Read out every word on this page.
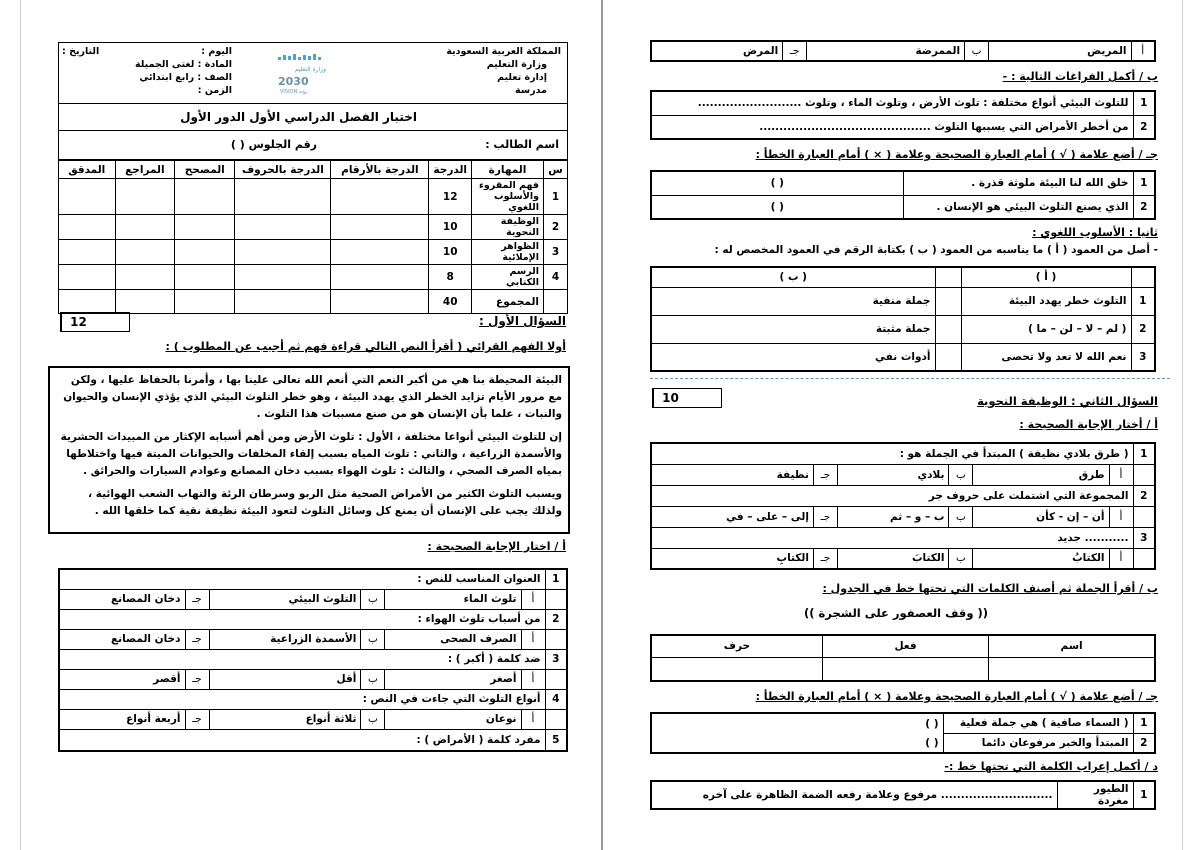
المملكة العربية السعودية
وزارة التعليم
إدارة تعليم
مدرسة
وزارة التعليم
2030
VISION رؤية
اليوم :
التاريخ :
المادة : لغتى الجميلة
الصف : رابع ابتدائي
الزمن :
اختبار الفصل الدراسي الأول الدور الأول
اسم الطالب :
رقم الجلوس ( )
س	المهارة	الدرجة	الدرجة بالأرقام	الدرجة بالحروف	المصحح	المراجع	المدقق
1	فهم المقروء والأسلوب اللغوي	12					
2	الوظيفة النحوية	10					
3	الظواهر الإملائية	10					
4	الرسم الكتابي	8					
	المجموع	40					
السؤال الأول :
12
أولا الفهم القرائي ( أقرأ النص التالي قراءة فهم ثم أجيب عن المطلوب ) :

البيئة المحيطة بنا هي من أكبر النعم التي أنعم الله تعالى علينا بها ، وأمرنا بالحفاظ عليها ، ولكن مع مرور الأيام تزايد الخطر الذي يهدد البيئة ، وهو خطر التلوث البيئي الذي يؤذي الإنسان والحيوان والنبات ، علما بأن الإنسان هو من صنع مسببات هذا التلوث .

إن للتلوث البيئي أنواعا مختلفة ، الأول : تلوث الأرض ومن أهم أسبابه الإكثار من المبيدات الحشرية والأسمدة الزراعية ، والثاني : تلوث المياه بسبب إلقاء المخلفات والحيوانات الميتة فيها واختلاطها بمياه الصرف الصحي ، والثالث : تلوث الهواء بسبب دخان المصانع وعوادم السيارات والحرائق .

ويسبب التلوث الكثير من الأمراض الصحية مثل الربو وسرطان الرئة والتهاب الشعب الهوائية ، ولذلك يجب على الإنسان أن يمنع كل وسائل التلوث لتعود البيئة نظيفة نقية كما خلقها الله .

أ / اختار الإجابة الصحيحة :
1	العنوان المناسب للنص :					
	أ	تلوث الماء	ب	التلوث البيئي	جـ	دخان المصانع
2	من أسباب تلوث الهواء :					
	أ	الصرف الصحى	ب	الأسمدة الزراعية	جـ	دخان المصانع
3	ضد كلمة ( أكبر ) :					
	أ	أصغر	ب	أقل	جـ	أقصر
4	أنواع التلوث التي جاءت في النص :					
	أ	نوعان	ب	ثلاثة أنواع	جـ	أربعة أنواع
5	مفرد كلمة ( الأمراض ) :					
أ	المريض	ب	الممرضة	جـ	المرض
ب / أكمل الفراغات التالية : -
1	للتلوث البيئي أنواع مختلفة : تلوث الأرض ، وتلوث الماء ، وتلوث ..........................
2	من أخطر الأمراض التي يسببها التلوث ...........................................
جـ / أضع علامة ( √ ) أمام العبارة الصحيحة وعلامة ( × ) أمام العبارة الخطأ :
1	خلق الله لنا البيئة ملوثة قذرة .	( )
2	الذي يصنع التلوث البيئي هو الإنسان .	( )
ثانيا : الأسلوب اللغوي :
- أصل من العمود ( أ ) ما يناسبه من العمود ( ب ) بكتابة الرقم في العمود المخصص له :
	( أ )		( ب )
1	التلوث خطر يهدد البيئة		جملة منفية
2	( لم – لا – لن – ما )		جملة مثبتة
3	نعم الله لا تعد ولا تحصى		أدوات نفي
السؤال الثاني : الوظيفة النحوية
10
أ / أختار الإجابة الصحيحة :
1	( طرق بلادي نظيفة ) المبتدأ في الجملة هو :					
	أ	طرق	ب	بلادي	جـ	نظيفة
2	المجموعة التي اشتملت على حروف جر					
	أ	أن – إن - كأن	ب	ب – و – ثم	جـ	إلى – على – في
3	........... جديد					
	أ	الكتابُ	ب	الكتابَ	جـ	الكتابِ
ب / أقرأ الجملة ثم أصنف الكلمات التي تحتها خط في الجدول :
(( وقف العصفور على الشجرة ))
اسم	فعل	حرف

جـ / أضع علامة ( √ ) أمام العبارة الصحيحة وعلامة ( × ) أمام العبارة الخطأ :
1	( السماء صافية ) هي جملة فعلية	( )
2	المبتدأ والخبر مرفوعان دائما	( )
د / أكمل إعراب الكلمة التي تحتها خط :-
1	الطيور مغردة	............................ مرفوع وعلامة رفعه الضمة الظاهرة على آخره
